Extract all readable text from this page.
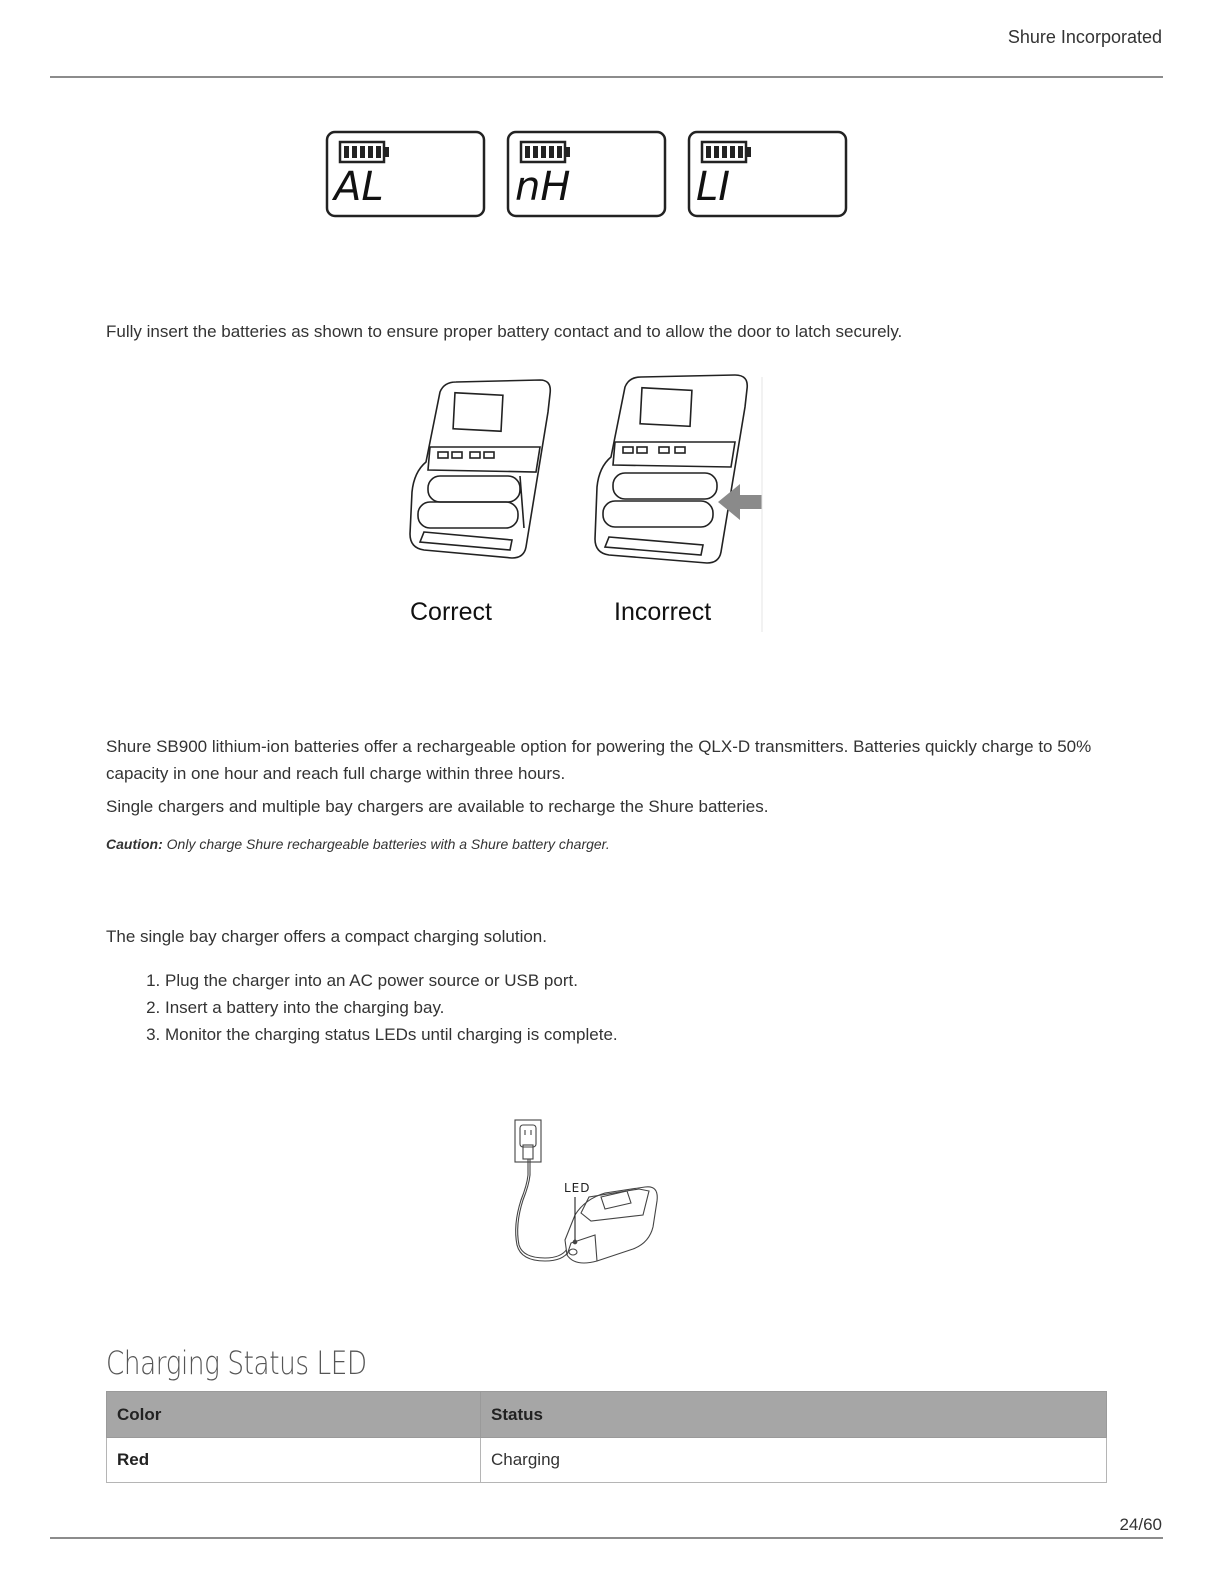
Shure Incorporated
AL	nH	LI
Fully insert the batteries as shown to ensure proper battery contact and to allow the door to latch securely.
Correct	Incorrect
Shure SB900 lithium-ion batteries offer a rechargeable option for powering the QLX-D transmitters. Batteries quickly charge to 50% capacity in one hour and reach full charge within three hours.
Single chargers and multiple bay chargers are available to recharge the Shure batteries.
Caution: Only charge Shure rechargeable batteries with a Shure battery charger.
The single bay charger offers a compact charging solution.
1. Plug the charger into an AC power source or USB port.
2. Insert a battery into the charging bay.
3. Monitor the charging status LEDs until charging is complete.
LED
Charging Status LED
Color	Status
Red	Charging
24/60
